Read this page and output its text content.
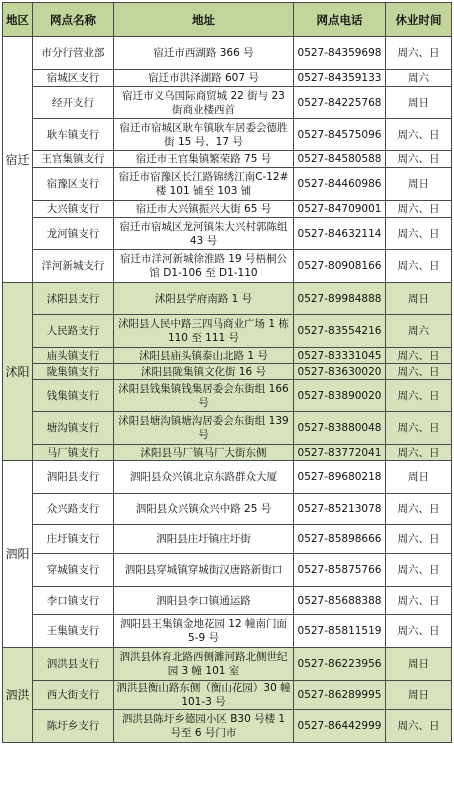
地区	网点名称	地址	网点电话	休业时间
宿迁	市分行营业部	宿迁市西湖路 366 号	0527-84359698	周六、日
	宿城区支行	宿迁市洪泽湖路 607 号	0527-84359133	周六
	经开支行	宿迁市义乌国际商贸城 22 街与 23 街商业楼西首	0527-84225768	周日
	耿车镇支行	宿迁市宿城区耿车镇耿车居委会德胜街 15 号、17 号	0527-84575096	周六、日
	王官集镇支行	宿迁市王官集镇繁荣路 75 号	0527-84580588	周六、日
	宿豫区支行	宿迁市宿豫区长江路锦绣江南C-12#楼 101 铺至 103 铺	0527-84460986	周日
	大兴镇支行	宿迁市大兴镇振兴大街 65 号	0527-84709001	周六、日
	龙河镇支行	宿迁市宿城区龙河镇朱大兴村郭陈组 43 号	0527-84632114	周六、日
	洋河新城支行	宿迁市洋河新城徐淮路 19 号梧桐公馆 D1-106 至 D1-110	0527-80908166	周六、日
沭阳	沭阳县支行	沭阳县学府南路 1 号	0527-89984888	周日
	人民路支行	沭阳县人民中路三四马商业广场 1 栋 110 至 111 号	0527-83554216	周六
	庙头镇支行	沭阳县庙头镇泰山北路 1 号	0527-83331045	周六、日
	陇集镇支行	沭阳县陇集镇文化街 16 号	0527-83630020	周六、日
	钱集镇支行	沭阳县钱集镇钱集居委会东街组 166 号	0527-83890020	周六、日
	塘沟镇支行	沭阳县塘沟镇塘沟居委会东街组 139 号	0527-83880048	周六、日
	马厂镇支行	沭阳县马厂镇马厂大街东侧	0527-83772041	周六、日
泗阳	泗阳县支行	泗阳县众兴镇北京东路群众大厦	0527-89680218	周日
	众兴路支行	泗阳县众兴镇众兴中路 25 号	0527-85213078	周六、日
	庄圩镇支行	泗阳县庄圩镇庄圩街	0527-85898666	周六、日
	穿城镇支行	泗阳县穿城镇穿城街汉唐路新街口	0527-85875766	周六、日
	李口镇支行	泗阳县李口镇通运路	0527-85688388	周六、日
	王集镇支行	泗阳县王集镇金地花园 12 幢南门面 5-9 号	0527-85811519	周六、日
泗洪	泗洪县支行	泗洪县体育北路西侧濉河路北侧世纪园 3 幢 101 室	0527-86223956	周日
	西大街支行	泗洪县衡山路东侧（衡山花园）30 幢 101-3 号	0527-86289995	周日
	陈圩乡支行	泗洪县陈圩乡德园小区 B30 号楼 1 号至 6 号门市	0527-86442999	周六、日
